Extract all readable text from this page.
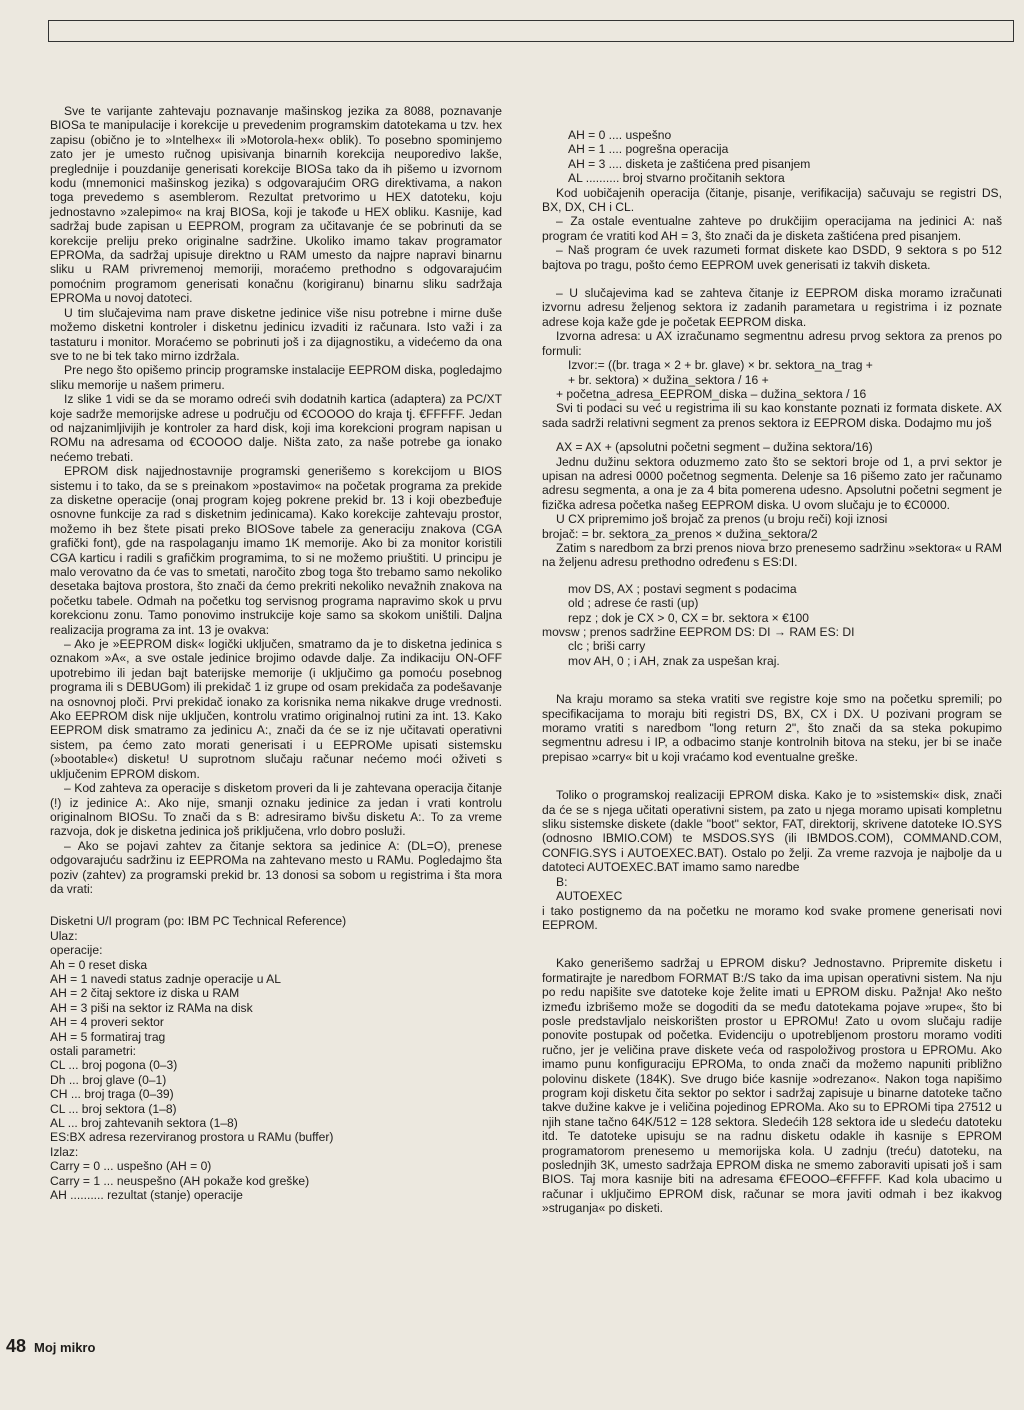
Sve te varijante zahtevaju poznavanje mašinskog jezika za 8088, poznavanje BIOSa te manipulacije i korekcije u prevedenim programskim datotekama u tzv. hex zapisu (obično je to »Intelhex« ili »Motorola-hex« oblik). To posebno spominjemo zato jer je umesto ručnog upisivanja binarnih korekcija neuporedivo lakše, preglednije i pouzdanije generisati korekcije BIOSa tako da ih pišemo u izvornom kodu (mnemonici mašinskog jezika) s odgovarajućim ORG direktivama, a nakon toga prevedemo s asemblerom. Rezultat pretvorimo u HEX datoteku, koju jednostavno »zalepimo« na kraj BIOSa, koji je takođe u HEX obliku. Kasnije, kad sadržaj bude zapisan u EEPROM, program za učitavanje će se pobrinuti da se korekcije preliju preko originalne sadržine. Ukoliko imamo takav programator EPROMa, da sadržaj upisuje direktno u RAM umesto da najpre napravi binarnu sliku u RAM privremenoj memoriji, moraćemo prethodno s odgovarajućim pomoćnim programom generisati konačnu (korigiranu) binarnu sliku sadržaja EPROMa u novoj datoteci.

U tim slučajevima nam prave disketne jedinice više nisu potrebne i mirne duše možemo disketni kontroler i disketnu jedinicu izvaditi iz računara. Isto važi i za tastaturu i monitor. Moraćemo se pobrinuti još i za dijagnostiku, a videćemo da ona sve to ne bi tek tako mirno izdržala.

Pre nego što opišemo princip programske instalacije EEPROM diska, pogledajmo sliku memorije u našem primeru.

Iz slike 1 vidi se da se moramo odreći svih dodatnih kartica (adaptera) za PC/XT koje sadrže memorijske adrese u području od €COOOO do kraja tj. €FFFFF. Jedan od najzanimljivijih je kontroler za hard disk, koji ima korekcioni program napisan u ROMu na adresama od €COOOO dalje. Ništa zato, za naše potrebe ga ionako nećemo trebati.

EPROM disk najjednostavnije programski generišemo s korekcijom u BIOS sistemu i to tako, da se s preinakom »postavimo« na početak programa za prekide za disketne operacije (onaj program kojeg pokrene prekid br. 13 i koji obezbeđuje osnovne funkcije za rad s disketnim jedinicama). Kako korekcije zahtevaju prostor, možemo ih bez štete pisati preko BIOSove tabele za generaciju znakova (CGA grafički font), gde na raspolaganju imamo 1K memorije. Ako bi za monitor koristili CGA karticu i radili s grafičkim programima, to si ne možemo priuštiti. U principu je malo verovatno da će vas to smetati, naročito zbog toga što trebamo samo nekoliko desetaka bajtova prostora, što znači da ćemo prekriti nekoliko nevažnih znakova na početku tabele. Odmah na početku tog servisnog programa napravimo skok u prvu korekcionu zonu. Tamo ponovimo instrukcije koje samo sa skokom uništili. Daljna realizacija programa za int. 13 je ovakva:

– Ako je »EEPROM disk« logički uključen, smatramo da je to disketna jedinica s oznakom »A«, a sve ostale jedinice brojimo odavde dalje. Za indikaciju ON-OFF upotrebimo ili jedan bajt baterijske memorije (i uključimo ga pomoću posebnog programa ili s DEBUGom) ili prekidač 1 iz grupe od osam prekidača za podešavanje na osnovnoj ploči. Prvi prekidač ionako za korisnika nema nikakve druge vrednosti. Ako EEPROM disk nije uključen, kontrolu vratimo originalnoj rutini za int. 13. Kako EEPROM disk smatramo za jedinicu A:, znači da će se iz nje učitavati operativni sistem, pa ćemo zato morati generisati i u EEPROMe upisati sistemsku (»bootable«) disketu! U suprotnom slučaju računar nećemo moći oživeti s uključenim EPROM diskom.

– Kod zahteva za operacije s disketom proveri da li je zahtevana operacija čitanje (!) iz jedinice A:. Ako nije, smanji oznaku jedinice za jedan i vrati kontrolu originalnom BIOSu. To znači da s B: adresiramo bivšu disketu A:. To za vreme razvoja, dok je disketna jedinica još priključena, vrlo dobro posluži.

– Ako se pojavi zahtev za čitanje sektora sa jedinice A: (DL=O), prenese odgovarajuću sadržinu iz EEPROMa na zahtevano mesto u RAMu. Pogledajmo šta poziv (zahtev) za programski prekid br. 13 donosi sa sobom u registrima i šta mora da vrati:

Disketni U/I program (po: IBM PC Technical Reference)
Ulaz:
operacije:
Ah = 0 reset diska
AH = 1 navedi status zadnje operacije u AL
AH = 2 čitaj sektore iz diska u RAM
AH = 3 piši na sektor iz RAMa na disk
AH = 4 proveri sektor
AH = 5 formatiraj trag
ostali parametri:
CL ... broj pogona (0–3)
Dh ... broj glave (0–1)
CH ... broj traga (0–39)
CL ... broj sektora (1–8)
AL ... broj zahtevanih sektora (1–8)
ES:BX adresa rezerviranog prostora u RAMu (buffer)
Izlaz:
Carry = 0 ... uspešno (AH = 0)
Carry = 1 ... neuspešno (AH pokaže kod greške)
AH .......... rezultat (stanje) operacije
AH = 0 .... uspešno
AH = 1 .... pogrešna operacija
AH = 3 .... disketa je zaštićena pred pisanjem
AL .......... broj stvarno pročitanih sektora

Kod uobičajenih operacija (čitanje, pisanje, verifikacija) sačuvaju se registri DS, BX, DX, CH i CL.

– Za ostale eventualne zahteve po drukčijim operacijama na jedinici A: naš program će vratiti kod AH = 3, što znači da je disketa zaštićena pred pisanjem.

– Naš program će uvek razumeti format diskete kao DSDD, 9 sektora s po 512 bajtova po tragu, pošto ćemo EEPROM uvek generisati iz takvih disketa.

– U slučajevima kad se zahteva čitanje iz EEPROM diska moramo izračunati izvornu adresu željenog sektora iz zadanih parametara u registrima i iz poznate adrese koja kaže gde je početak EEPROM diska.

Izvorna adresa: u AX izračunamo segmentnu adresu prvog sektora za prenos po formuli:

Izvor:= ((br. traga × 2 + br. glave) × br. sektora_na_trag +
+ br. sektora) × dužina_sektora / 16 +
+ početna_adresa_EEPROM_diska – dužina_sektora / 16

Svi ti podaci su već u registrima ili su kao konstante poznati iz formata diskete. AX sada sadrži relativni segment za prenos sektora iz EEPROM diska. Dodajmo mu još

AX = AX + (apsolutni početni segment – dužina sektora/16)

Jednu dužinu sektora oduzmemo zato što se sektori broje od 1, a prvi sektor je upisan na adresi 0000 početnog segmenta. Delenje sa 16 pišemo zato jer računamo adresu segmenta, a ona je za 4 bita pomerena udesno. Apsolutni početni segment je fizička adresa početka našeg EEPROM diska. U ovom slučaju je to €C0000.

U CX pripremimo još brojač za prenos (u broju reči) koji iznosi

brojač: = br. sektora_za_prenos × dužina_sektora/2

Zatim s naredbom za brzi prenos niova brzo prenesemo sadržinu »sektora« u RAM na željenu adresu prethodno određenu s ES:DI.

mov DS, AX ; postavi segment s podacima
old ; adrese će rasti (up)
repz ; dok je CX > 0, CX = br. sektora × €100
movsw ; prenos sadržine EEPROM DS: DI → RAM ES: DI
clc ; briši carry
mov AH, 0 ; i AH, znak za uspešan kraj.

Na kraju moramo sa steka vratiti sve registre koje smo na početku spremili; po specifikacijama to moraju biti registri DS, BX, CX i DX. U pozivani program se moramo vratiti s naredbom "long return 2", što znači da sa steka pokupimo segmentnu adresu i IP, a odbacimo stanje kontrolnih bitova na steku, jer bi se inače prepisao »carry« bit u koji vraćamo kod eventualne greške.

Toliko o programskoj realizaciji EPROM diska. Kako je to »sistemski« disk, znači da će se s njega učitati operativni sistem, pa zato u njega moramo upisati kompletnu sliku sistemske diskete (dakle "boot" sektor, FAT, direktorij, skrivene datoteke IO.SYS (odnosno IBMIO.COM) te MSDOS.SYS (ili IBMDOS.COM), COMMAND.COM, CONFIG.SYS i AUTOEXEC.BAT). Ostalo po želji. Za vreme razvoja je najbolje da u datoteci AUTOEXEC.BAT imamo samo naredbe

B:
AUTOEXEC

i tako postignemo da na početku ne moramo kod svake promene generisati novi EEPROM.

Kako generišemo sadržaj u EPROM disku? Jednostavno. Pripremite disketu i formatirajte je naredbom FORMAT B:/S tako da ima upisan operativni sistem. Na nju po redu napišite sve datoteke koje želite imati u EPROM disku. Pažnja! Ako nešto između izbrišemo može se dogoditi da se među datotekama pojave »rupe«, što bi posle predstavljalo neiskorišten prostor u EPROMu! Zato u ovom slučaju radije ponovite postupak od početka. Evidenciju o upotrebljenom prostoru moramo voditi ručno, jer je veličina prave diskete veća od raspoloživog prostora u EPROMu. Ako imamo punu konfiguraciju EPROMa, to onda znači da možemo napuniti približno polovinu diskete (184K). Sve drugo biće kasnije »odrezano«. Nakon toga napišimo program koji disketu čita sektor po sektor i sadržaj zapisuje u binarne datoteke tačno takve dužine kakve je i veličina pojedinog EPROMa. Ako su to EPROMi tipa 27512 u njih stane tačno 64K/512 = 128 sektora. Sledećih 128 sektora ide u sledeću datoteku itd. Te datoteke upisuju se na radnu disketu odakle ih kasnije s EPROM programatorom prenesemo u memorijska kola. U zadnju (treću) datoteku, na poslednjih 3K, umesto sadržaja EPROM diska ne smemo zaboraviti upisati još i sam BIOS. Taj mora kasnije biti na adresama €FEOOO–€FFFFF. Kad kola ubacimo u računar i uključimo EPROM disk, računar se mora javiti odmah i bez ikakvog »struganja« po disketi.

48 Moj mikro
